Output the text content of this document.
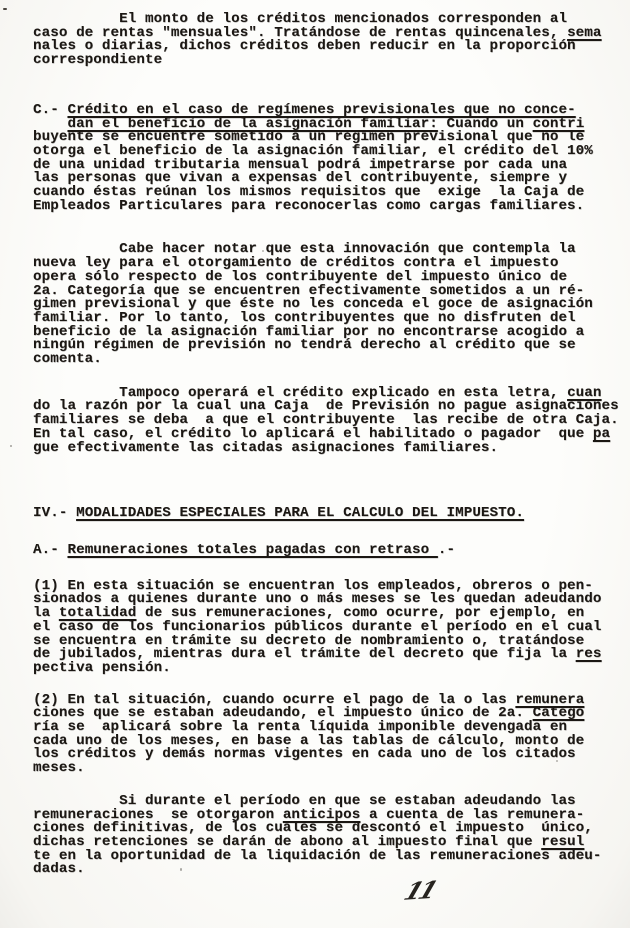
El monto de los créditos mencionados corresponden al
caso de rentas "mensuales". Tratándose de rentas quincenales, sema
nales o diarias, dichos créditos deben reducir en la proporción
correspondiente

C.- Crédito en el caso de regímenes previsionales que no conce-
dan el beneficio de la asignación familiar: Cuando un contri
buyente se encuentre sometido a un régimen previsional que no le
otorga el beneficio de la asignación familiar, el crédito del 10%
de una unidad tributaria mensual podrá impetrarse por cada una
las personas que vivan a expensas del contribuyente, siempre y
cuando éstas reúnan los mismos requisitos que  exige  la Caja de
Empleados Particulares para reconocerlas como cargas familiares.

Cabe hacer notar que esta innovación que contempla la
nueva ley para el otorgamiento de créditos contra el impuesto
opera sólo respecto de los contribuyente del impuesto único de
2a. Categoría que se encuentren efectivamente sometidos a un ré-
gimen previsional y que éste no les conceda el goce de asignación
familiar. Por lo tanto, los contribuyentes que no disfruten del
beneficio de la asignación familiar por no encontrarse acogido a
ningún régimen de previsión no tendrá derecho al crédito que se
comenta.

Tampoco operará el crédito explicado en esta letra, cuan
do la razón por la cual una Caja  de Previsión no pague asignaciones
familiares se deba  a que el contribuyente  las recibe de otra Caja.
En tal caso, el crédito lo aplicará el habilitado o pagador  que pa
gue efectivamente las citadas asignaciones familiares.

IV.- MODALIDADES ESPECIALES PARA EL CALCULO DEL IMPUESTO.

A.- Remuneraciones totales pagadas con retraso .-

(1) En esta situación se encuentran los empleados, obreros o pen-
sionados a quienes durante uno o más meses se les quedan adeudando
la totalidad de sus remuneraciones, como ocurre, por ejemplo, en
el caso de los funcionarios públicos durante el período en el cual
se encuentra en trámite su decreto de nombramiento o, tratándose
de jubilados, mientras dura el trámite del decreto que fija la res
pectiva pensión.

(2) En tal situación, cuando ocurre el pago de la o las remunera
ciones que se estaban adeudando, el impuesto único de 2a. Catego
ría se  aplicará sobre la renta líquida imponible devengada en
cada uno de los meses, en base a las tablas de cálculo, monto de
los créditos y demás normas vigentes en cada uno de los citados
meses.

Si durante el período en que se estaban adeudando las
remuneraciones  se otorgaron anticipos a cuenta de las remunera-
ciones definitivas, de los cuales se descontó el impuesto  único,
dichas retenciones se darán de abono al impuesto final que resul
te en la oportunidad de la liquidación de las remuneraciones adeu-
dadas.

11
